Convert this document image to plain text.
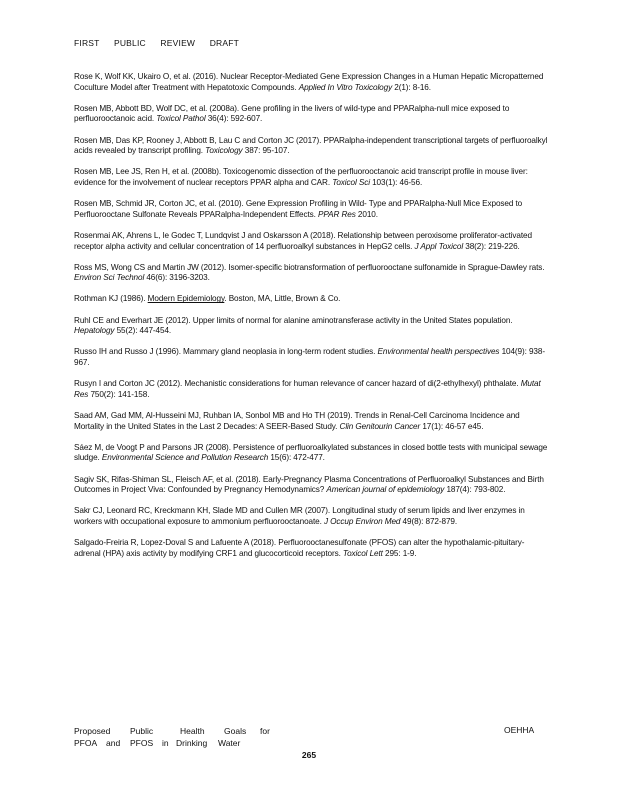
FIRST PUBLIC REVIEW DRAFT

Rose K, Wolf KK, Ukairo O, et al. (2016). Nuclear Receptor-Mediated Gene Expression Changes in a Human Hepatic Micropatterned Coculture Model after Treatment with Hepatotoxic Compounds. Applied In Vitro Toxicology 2(1): 8-16.

Rosen MB, Abbott BD, Wolf DC, et al. (2008a). Gene profiling in the livers of wild-type and PPARalpha-null mice exposed to perfluorooctanoic acid. Toxicol Pathol 36(4): 592-607.

Rosen MB, Das KP, Rooney J, Abbott B, Lau C and Corton JC (2017). PPARalpha-independent transcriptional targets of perfluoroalkyl acids revealed by transcript profiling. Toxicology 387: 95-107.

Rosen MB, Lee JS, Ren H, et al. (2008b). Toxicogenomic dissection of the perfluorooctanoic acid transcript profile in mouse liver: evidence for the involvement of nuclear receptors PPAR alpha and CAR. Toxicol Sci 103(1): 46-56.

Rosen MB, Schmid JR, Corton JC, et al. (2010). Gene Expression Profiling in Wild- Type and PPARalpha-Null Mice Exposed to Perfluorooctane Sulfonate Reveals PPARalpha-Independent Effects. PPAR Res 2010.

Rosenmai AK, Ahrens L, le Godec T, Lundqvist J and Oskarsson A (2018). Relationship between peroxisome proliferator-activated receptor alpha activity and cellular concentration of 14 perfluoroalkyl substances in HepG2 cells. J Appl Toxicol 38(2): 219-226.

Ross MS, Wong CS and Martin JW (2012). Isomer-specific biotransformation of perfluorooctane sulfonamide in Sprague-Dawley rats. Environ Sci Technol 46(6): 3196-3203.

Rothman KJ (1986). Modern Epidemiology. Boston, MA, Little, Brown & Co.

Ruhl CE and Everhart JE (2012). Upper limits of normal for alanine aminotransferase activity in the United States population. Hepatology 55(2): 447-454.

Russo IH and Russo J (1996). Mammary gland neoplasia in long-term rodent studies. Environmental health perspectives 104(9): 938-967.

Rusyn I and Corton JC (2012). Mechanistic considerations for human relevance of cancer hazard of di(2-ethylhexyl) phthalate. Mutat Res 750(2): 141-158.

Saad AM, Gad MM, Al-Husseini MJ, Ruhban IA, Sonbol MB and Ho TH (2019). Trends in Renal-Cell Carcinoma Incidence and Mortality in the United States in the Last 2 Decades: A SEER-Based Study. Clin Genitourin Cancer 17(1): 46-57 e45.

Sáez M, de Voogt P and Parsons JR (2008). Persistence of perfluoroalkylated substances in closed bottle tests with municipal sewage sludge. Environmental Science and Pollution Research 15(6): 472-477.

Sagiv SK, Rifas-Shiman SL, Fleisch AF, et al. (2018). Early-Pregnancy Plasma Concentrations of Perfluoroalkyl Substances and Birth Outcomes in Project Viva: Confounded by Pregnancy Hemodynamics? American journal of epidemiology 187(4): 793-802.

Sakr CJ, Leonard RC, Kreckmann KH, Slade MD and Cullen MR (2007). Longitudinal study of serum lipids and liver enzymes in workers with occupational exposure to ammonium perfluorooctanoate. J Occup Environ Med 49(8): 872-879.

Salgado-Freiria R, Lopez-Doval S and Lafuente A (2018). Perfluorooctanesulfonate (PFOS) can alter the hypothalamic-pituitary-adrenal (HPA) axis activity by modifying CRF1 and glucocorticoid receptors. Toxicol Lett 295: 1-9.

Proposed	Public	Health	Goals	for
PFOA	and	PFOS	in Drinking	Water
OEHHA
265
